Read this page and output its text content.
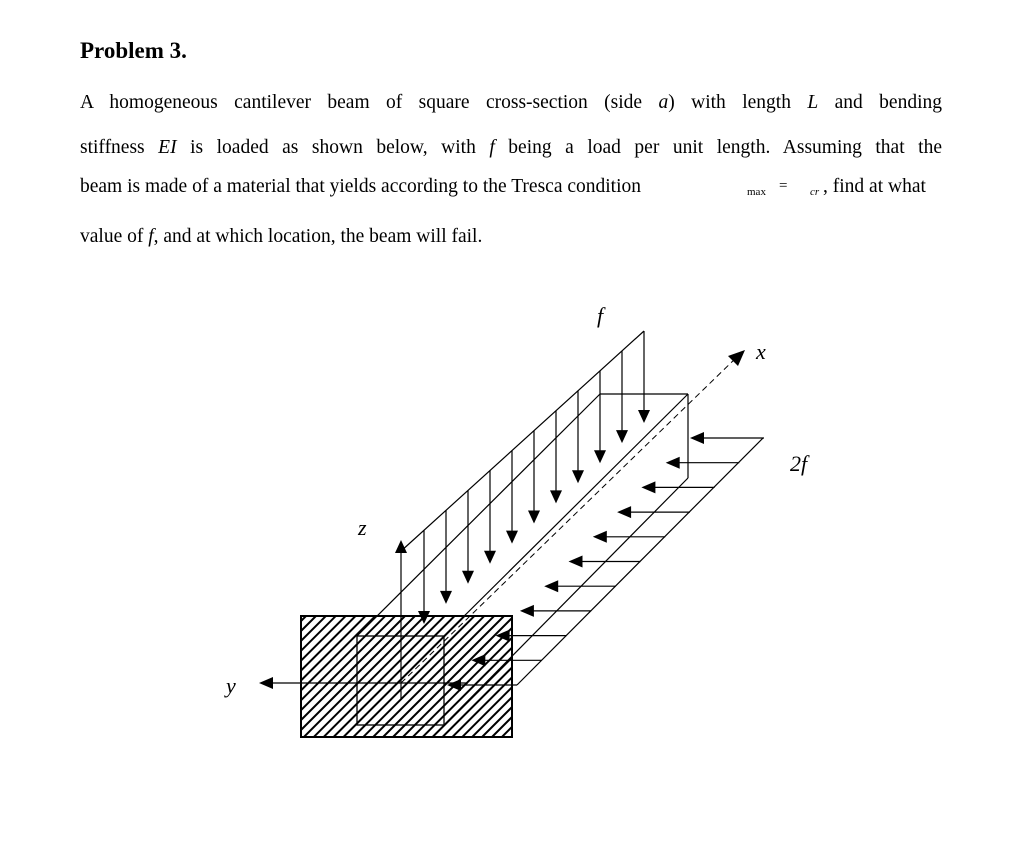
Problem 3.
A homogeneous cantilever beam of square cross-section (side a) with length L and bending
stiffness EI is loaded as shown below, with f being a load per unit length. Assuming that the
beam is made of a material that yields according to the Tresca condition	max = cr , find at what
value of f, and at which location, the beam will fail.
f
x
2f
z
y
